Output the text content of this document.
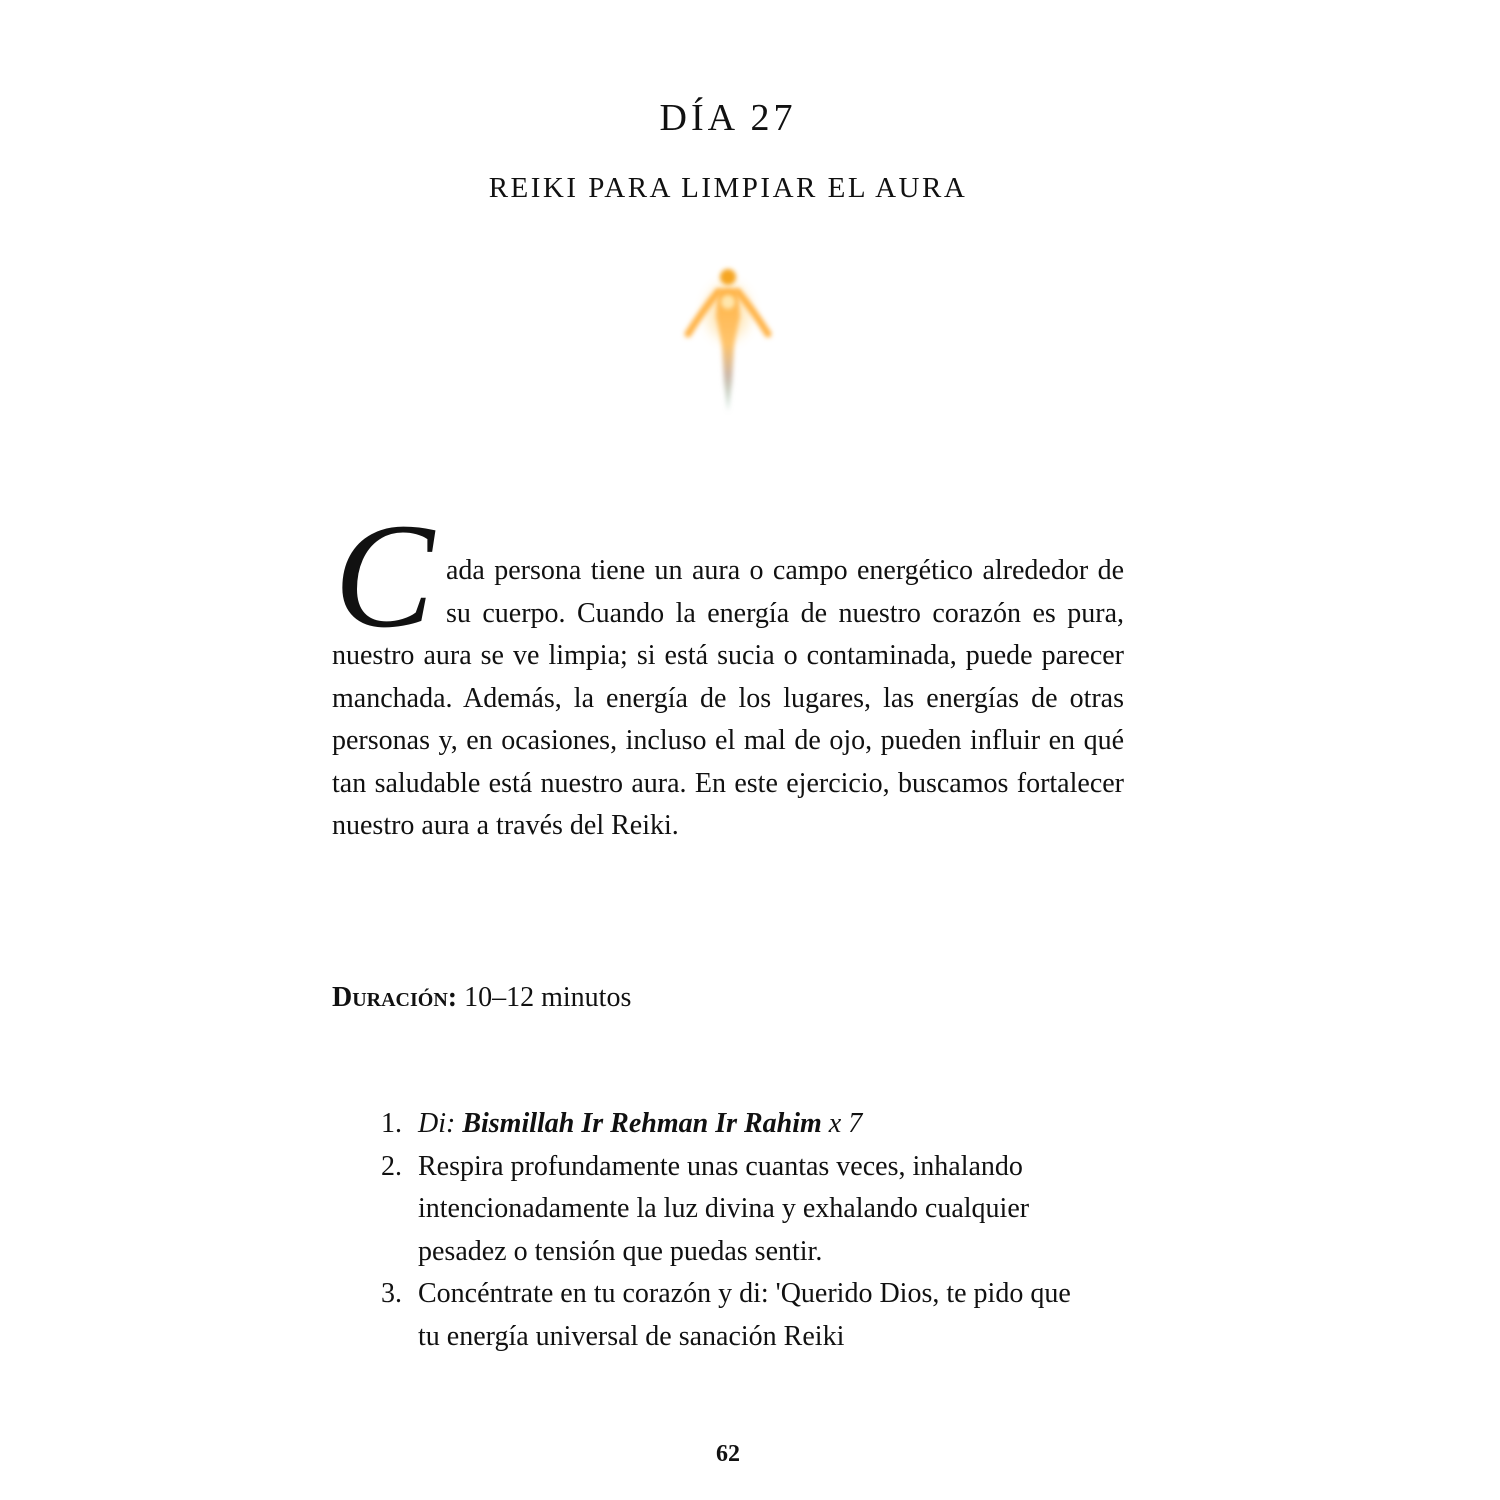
DÍA 27
REIKI PARA LIMPIAR EL AURA

C ada persona tiene un aura o campo energético alrededor de su cuerpo. Cuando la energía de nuestro corazón es pura, nuestro aura se ve limpia; si está sucia o contaminada, puede parecer manchada. Además, la energía de los lugares, las energías de otras personas y, en ocasiones, incluso el mal de ojo, pueden influir en qué tan saludable está nuestro aura. En este ejercicio, buscamos fortalecer nuestro aura a través del Reiki.

Duración: 10–12 minutos

1. Di: Bismillah Ir Rehman Ir Rahim x 7
2. Respira profundamente unas cuantas veces, inhalando intencionadamente la luz divina y exhalando cualquier pesadez o tensión que puedas sentir.
3. Concéntrate en tu corazón y di: 'Querido Dios, te pido que tu energía universal de sanación Reiki

62
